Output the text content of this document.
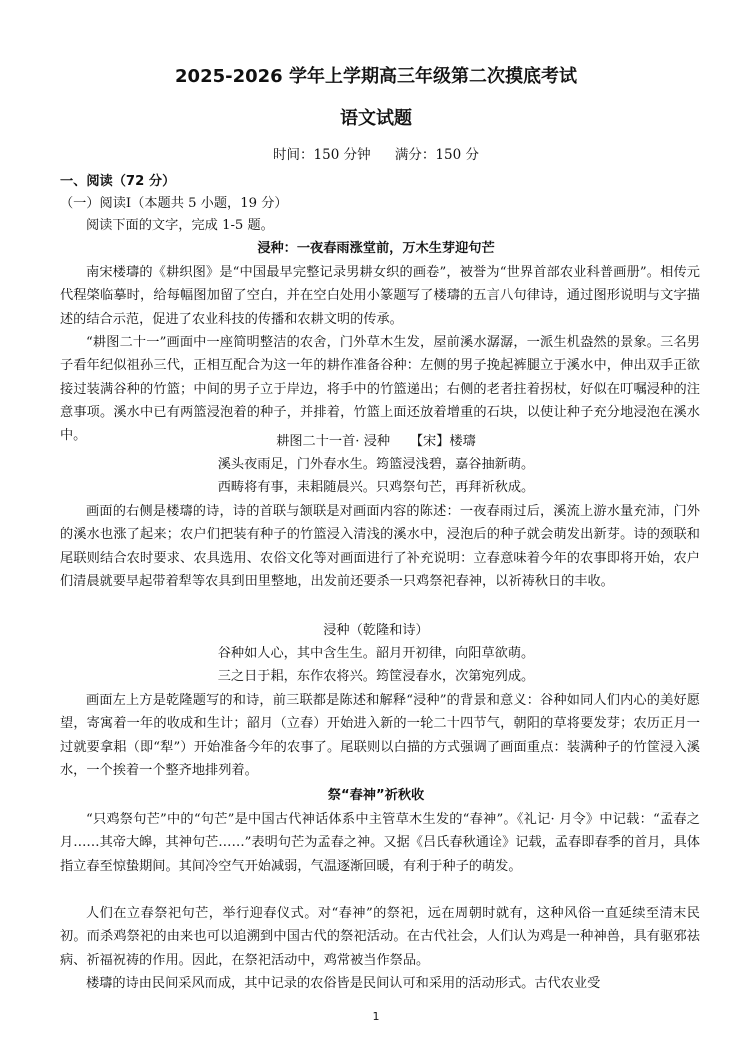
2025-2026 学年上学期高三年级第二次摸底考试
语文试题
时间：150 分钟 满分：150 分
一、阅读（72 分）
（一）阅读Ⅰ（本题共 5 小题，19 分）
阅读下面的文字，完成 1-5 题。
浸种：一夜春雨涨堂前，万木生芽迎句芒
南宋楼璹的《耕织图》是“中国最早完整记录男耕女织的画卷”，被誉为“世界首部农业科普画册”。相传元代程棨临摹时，给每幅图加留了空白，并在空白处用小篆题写了楼璹的五言八句律诗，通过图形说明与文字描述的结合示范，促进了农业科技的传播和农耕文明的传承。
“耕图二十一”画面中一座简明整洁的农舍，门外草木生发，屋前溪水潺潺，一派生机盎然的景象。三名男子看年纪似祖孙三代，正相互配合为这一年的耕作准备谷种：左侧的男子挽起裤腿立于溪水中，伸出双手正欲接过装满谷种的竹篮；中间的男子立于岸边，将手中的竹篮递出；右侧的老者拄着拐杖，好似在叮嘱浸种的注意事项。溪水中已有两篮浸泡着的种子，并排着，竹篮上面还放着增重的石块，以使让种子充分地浸泡在溪水中。	耕图二十一首· 浸种　　【宋】楼璹
溪头夜雨足，门外春水生。筠篮浸浅碧，嘉谷抽新萌。
西畴将有事，耒耜随晨兴。只鸡祭句芒，再拜祈秋成。
画面的右侧是楼璹的诗，诗的首联与颔联是对画面内容的陈述：一夜春雨过后，溪流上游水量充沛，门外的溪水也涨了起来；农户们把装有种子的竹篮浸入清浅的溪水中，浸泡后的种子就会萌发出新芽。诗的颈联和尾联则结合农时要求、农具选用、农俗文化等对画面进行了补充说明：立春意味着今年的农事即将开始，农户们清晨就要早起带着犁等农具到田里整地，出发前还要杀一只鸡祭祀春神，以祈祷秋日的丰收。
浸种（乾隆和诗）
谷种如人心，其中含生生。韶月开初律，向阳草欲萌。
三之日于耜，东作农将兴。筠筐浸春水，次第宛列成。
画面左上方是乾隆题写的和诗，前三联都是陈述和解释“浸种”的背景和意义：谷种如同人们内心的美好愿望，寄寓着一年的收成和生计；韶月（立春）开始进入新的一轮二十四节气，朝阳的草将要发芽；农历正月一过就要拿耜（即“犁”）开始准备今年的农事了。尾联则以白描的方式强调了画面重点：装满种子的竹筐浸入溪水，一个挨着一个整齐地排列着。
祭“春神”祈秋收
“只鸡祭句芒”中的“句芒”是中国古代神话体系中主管草木生发的“春神”。《礼记· 月令》中记载：“孟春之月……其帝大皞，其神句芒……”表明句芒为孟春之神。又据《吕氏春秋通诠》记载，孟春即春季的首月，具体指立春至惊蛰期间。其间冷空气开始减弱，气温逐渐回暖，有利于种子的萌发。
人们在立春祭祀句芒，举行迎春仪式。对“春神”的祭祀，远在周朝时就有，这种风俗一直延续至清末民初。而杀鸡祭祀的由来也可以追溯到中国古代的祭祀活动。在古代社会，人们认为鸡是一种神兽，具有驱邪祛病、祈福祝祷的作用。因此，在祭祀活动中，鸡常被当作祭品。
楼璹的诗由民间采风而成，其中记录的农俗皆是民间认可和采用的活动形式。古代农业受
1
